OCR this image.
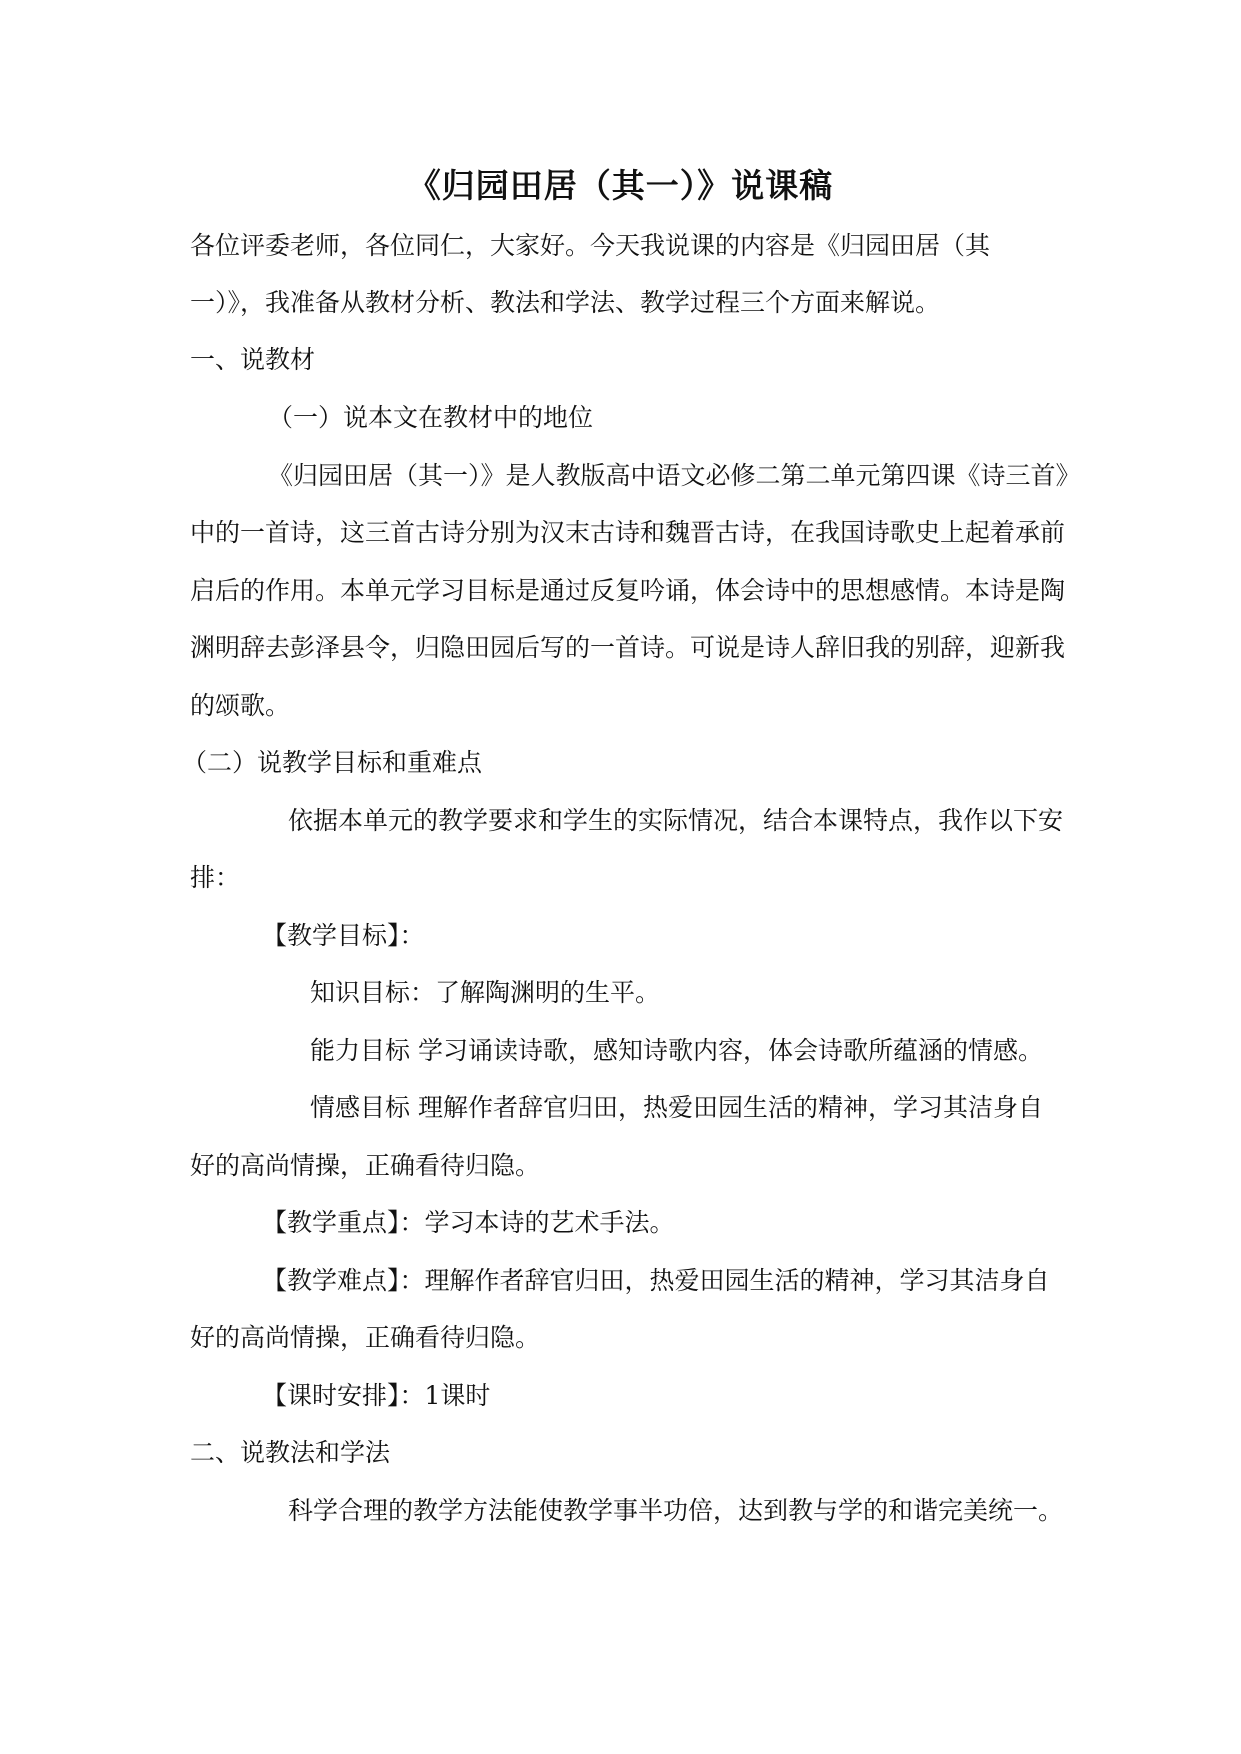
《归园田居（其一）》说课稿
各位评委老师，各位同仁，大家好。今天我说课的内容是《归园田居（其
一）》，我准备从教材分析、教法和学法、教学过程三个方面来解说。
一、说教材
（一）说本文在教材中的地位
《归园田居（其一）》是人教版高中语文必修二第二单元第四课《诗三首》
中的一首诗，这三首古诗分别为汉末古诗和魏晋古诗，在我国诗歌史上起着承前
启后的作用。本单元学习目标是通过反复吟诵，体会诗中的思想感情。本诗是陶
渊明辞去彭泽县令，归隐田园后写的一首诗。可说是诗人辞旧我的别辞，迎新我
的颂歌。
（二）说教学目标和重难点
依据本单元的教学要求和学生的实际情况，结合本课特点，我作以下安
排：
【教学目标】：
知识目标：了解陶渊明的生平。
能力目标 学习诵读诗歌，感知诗歌内容，体会诗歌所蕴涵的情感。
情感目标 理解作者辞官归田，热爱田园生活的精神，学习其洁身自
好的高尚情操，正确看待归隐。
【教学重点】：学习本诗的艺术手法。
【教学难点】：理解作者辞官归田，热爱田园生活的精神，学习其洁身自
好的高尚情操，正确看待归隐。
【课时安排】：1课时
二、说教法和学法
科学合理的教学方法能使教学事半功倍，达到教与学的和谐完美统一。
